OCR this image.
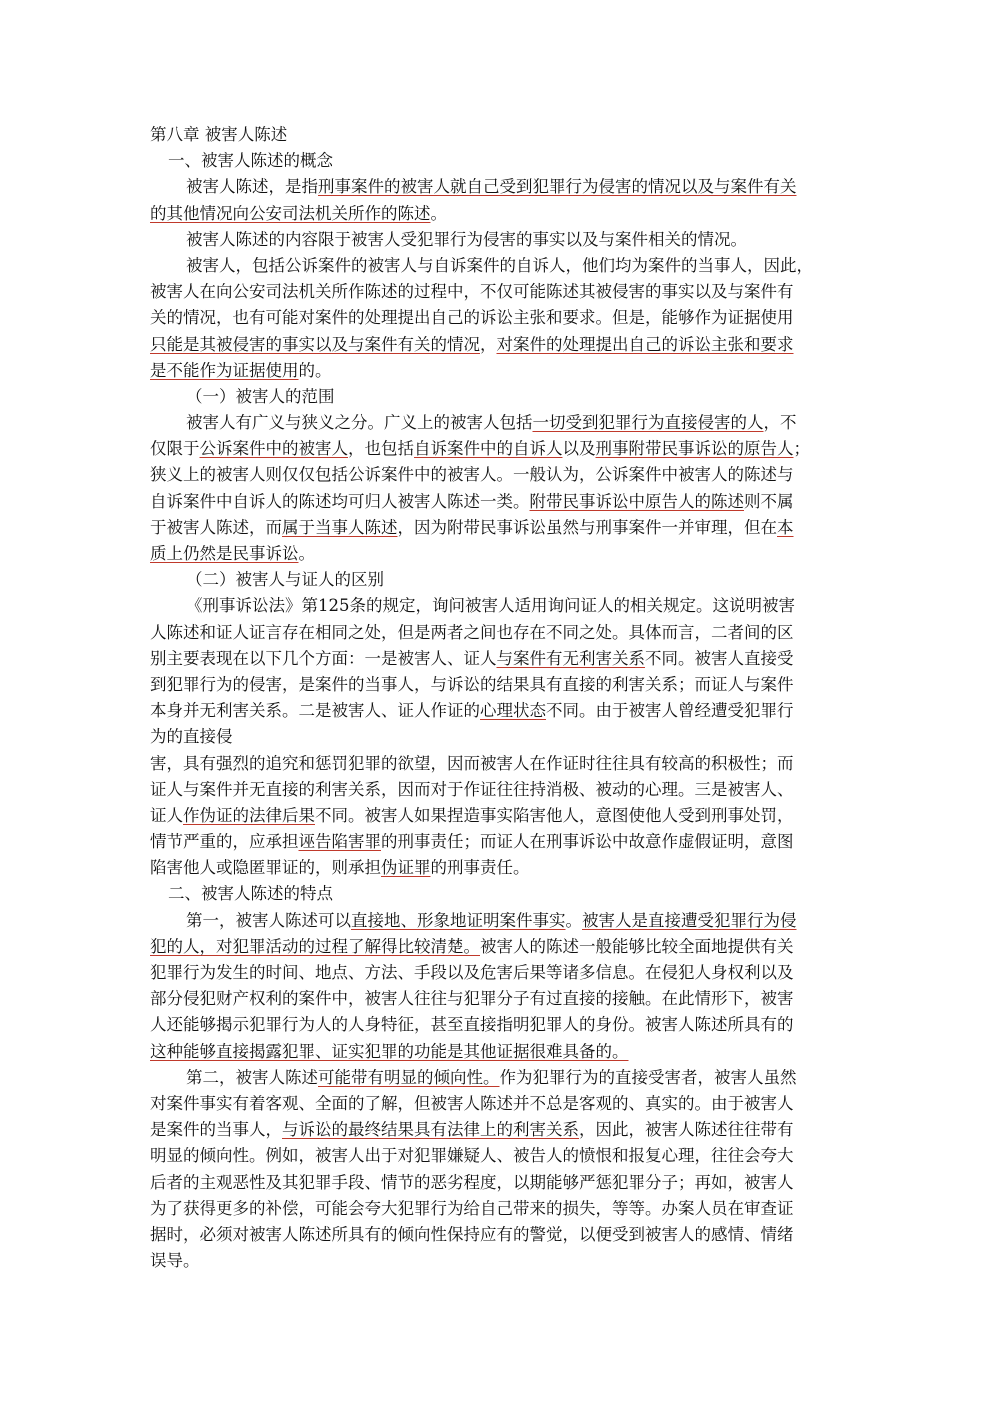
第八章 被害人陈述
一、被害人陈述的概念
被害人陈述，是指刑事案件的被害人就自己受到犯罪行为侵害的情况以及与案件有关
的其他情况向公安司法机关所作的陈述。
被害人陈述的内容限于被害人受犯罪行为侵害的事实以及与案件相关的情况。
被害人，包括公诉案件的被害人与自诉案件的自诉人，他们均为案件的当事人，因此，
被害人在向公安司法机关所作陈述的过程中，不仅可能陈述其被侵害的事实以及与案件有
关的情况，也有可能对案件的处理提出自己的诉讼主张和要求。但是，能够作为证据使用
只能是其被侵害的事实以及与案件有关的情况，对案件的处理提出自己的诉讼主张和要求
是不能作为证据使用的。
（一）被害人的范围
被害人有广义与狭义之分。广义上的被害人包括一切受到犯罪行为直接侵害的人，不
仅限于公诉案件中的被害人，也包括自诉案件中的自诉人以及刑事附带民事诉讼的原告人；
狭义上的被害人则仅仅包括公诉案件中的被害人。一般认为，公诉案件中被害人的陈述与
自诉案件中自诉人的陈述均可归人被害人陈述一类。附带民事诉讼中原告人的陈述则不属
于被害人陈述，而属于当事人陈述，因为附带民事诉讼虽然与刑事案件一并审理，但在本
质上仍然是民事诉讼。
（二）被害人与证人的区别
《刑事诉讼法》第125条的规定，询问被害人适用询问证人的相关规定。这说明被害
人陈述和证人证言存在相同之处，但是两者之间也存在不同之处。具体而言，二者间的区
别主要表现在以下几个方面：一是被害人、证人与案件有无利害关系不同。被害人直接受
到犯罪行为的侵害，是案件的当事人，与诉讼的结果具有直接的利害关系；而证人与案件
本身并无利害关系。二是被害人、证人作证的心理状态不同。由于被害人曾经遭受犯罪行
为的直接侵
害，具有强烈的追究和惩罚犯罪的欲望，因而被害人在作证时往往具有较高的积极性；而
证人与案件并无直接的利害关系，因而对于作证往往持消极、被动的心理。三是被害人、
证人作伪证的法律后果不同。被害人如果捏造事实陷害他人，意图使他人受到刑事处罚，
情节严重的，应承担诬告陷害罪的刑事责任；而证人在刑事诉讼中故意作虚假证明，意图
陷害他人或隐匿罪证的，则承担伪证罪的刑事责任。
二、被害人陈述的特点
第一，被害人陈述可以直接地、形象地证明案件事实。被害人是直接遭受犯罪行为侵
犯的人，对犯罪活动的过程了解得比较清楚。被害人的陈述一般能够比较全面地提供有关
犯罪行为发生的时间、地点、方法、手段以及危害后果等诸多信息。在侵犯人身权利以及
部分侵犯财产权利的案件中，被害人往往与犯罪分子有过直接的接触。在此情形下，被害
人还能够揭示犯罪行为人的人身特征，甚至直接指明犯罪人的身份。被害人陈述所具有的
这种能够直接揭露犯罪、证实犯罪的功能是其他证据很难具备的。
第二，被害人陈述可能带有明显的倾向性。作为犯罪行为的直接受害者，被害人虽然
对案件事实有着客观、全面的了解，但被害人陈述并不总是客观的、真实的。由于被害人
是案件的当事人，与诉讼的最终结果具有法律上的利害关系，因此，被害人陈述往往带有
明显的倾向性。例如，被害人出于对犯罪嫌疑人、被告人的愤恨和报复心理，往往会夸大
后者的主观恶性及其犯罪手段、情节的恶劣程度，以期能够严惩犯罪分子；再如，被害人
为了获得更多的补偿，可能会夸大犯罪行为给自己带来的损失，等等。办案人员在审查证
据时，必须对被害人陈述所具有的倾向性保持应有的警觉，以便受到被害人的感情、情绪
误导。
